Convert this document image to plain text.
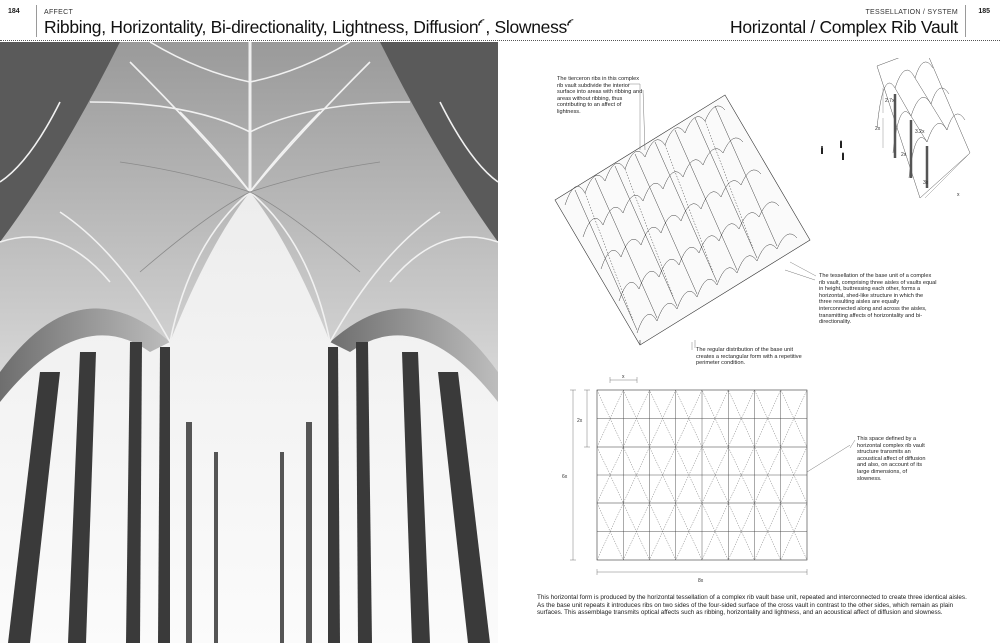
184	AFFECT
Ribbing, Horizontality, Bi-directionality, Lightness, Diffusion , Slowness
TESSELLATION / SYSTEM	185
Horizontal / Complex Rib Vault
2.7x
3.2x
2x
2x
3x
x
x
2x
6x
8x
The tierceron ribs in this complex rib vault subdivide the interior surface into areas with ribbing and areas without ribbing, thus contributing to an affect of lightness.
The tessellation of the base unit of a complex rib vault, comprising three aisles of vaults equal in height, buttressing each other, forms a horizontal, shed-like structure in which the three resulting aisles are equally interconnected along and across the aisles, transmitting affects of horizontality and bi-directionality.
The regular distribution of the base unit creates a rectangular form with a repetitive perimeter condition.
This space defined by a horizontal complex rib vault structure transmits an acoustical affect of diffusion and also, on account of its large dimensions, of slowness.

This horizontal form is produced by the horizontal tessellation of a complex rib vault base unit, repeated and interconnected to create three identical aisles. As the base unit repeats it introduces ribs on two sides of the four-sided surface of the cross vault in contrast to the other sides, which remain as plain surfaces. This assemblage transmits optical affects such as ribbing, horizontality and lightness, and an acoustical affect of diffusion and slowness.
